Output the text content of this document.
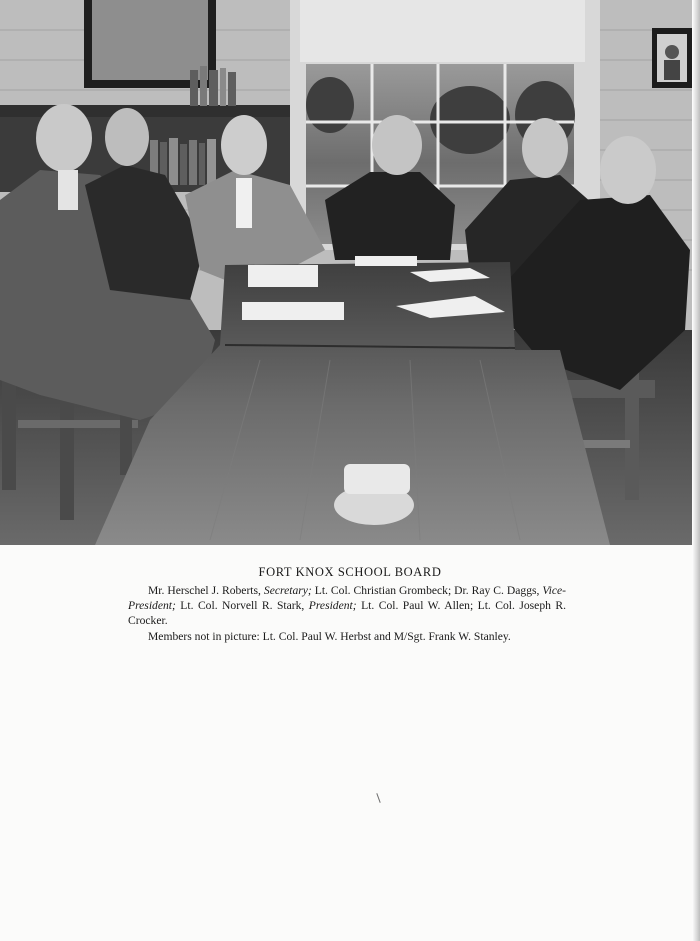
FORT KNOX SCHOOL BOARD

Mr. Herschel J. Roberts, Secretary; Lt. Col. Christian Grombeck; Dr. Ray C. Daggs, Vice-President; Lt. Col. Norvell R. Stark, President; Lt. Col. Paul W. Allen; Lt. Col. Joseph R. Crocker.

Members not in picture: Lt. Col. Paul W. Herbst and M/Sgt. Frank W. Stanley.
